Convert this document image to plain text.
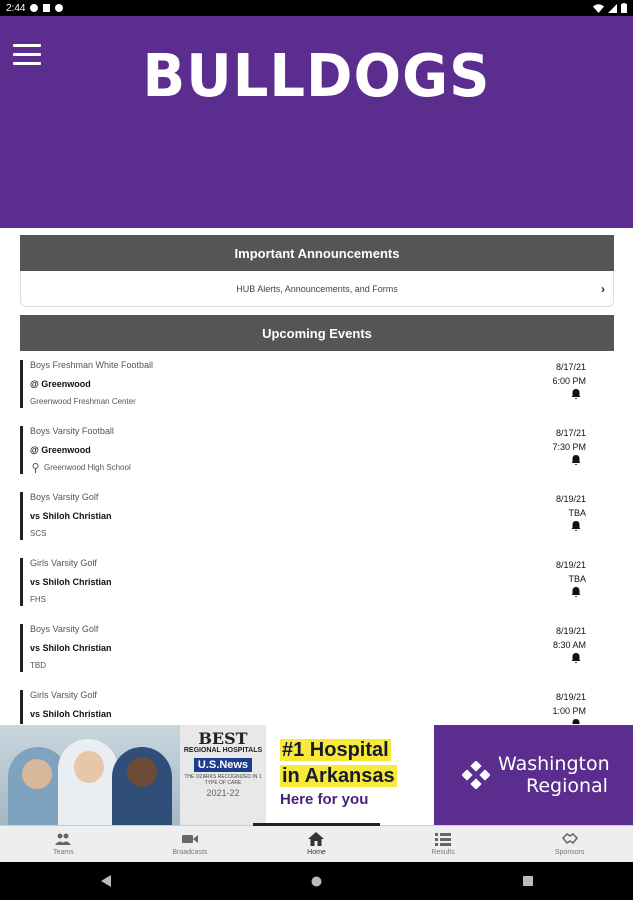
2:44
BULLDOGS
Important Announcements
HUB Alerts, Announcements, and Forms	›
Upcoming Events
Boys Freshman White Football
@ Greenwood
Greenwood Freshman Center
8/17/21
6:00 PM
Boys Varsity Football
@ Greenwood
Greenwood High School
8/17/21
7:30 PM
Boys Varsity Golf
vs Shiloh Christian
SCS
8/19/21
TBA
Girls Varsity Golf
vs Shiloh Christian
FHS
8/19/21
TBA
Boys Varsity Golf
vs Shiloh Christian
TBD
8/19/21
8:30 AM
Girls Varsity Golf
vs Shiloh Christian
8/19/21
1:00 PM
BEST
REGIONAL HOSPITALS
U.S.News
THE OZARKS RECOGNIZED IN 1 TYPE OF CARE
2021-22
#1 Hospital
in Arkansas
Here for you
Washington
Regional
Teams	Broadcasts	Home	Results	Sponsors
